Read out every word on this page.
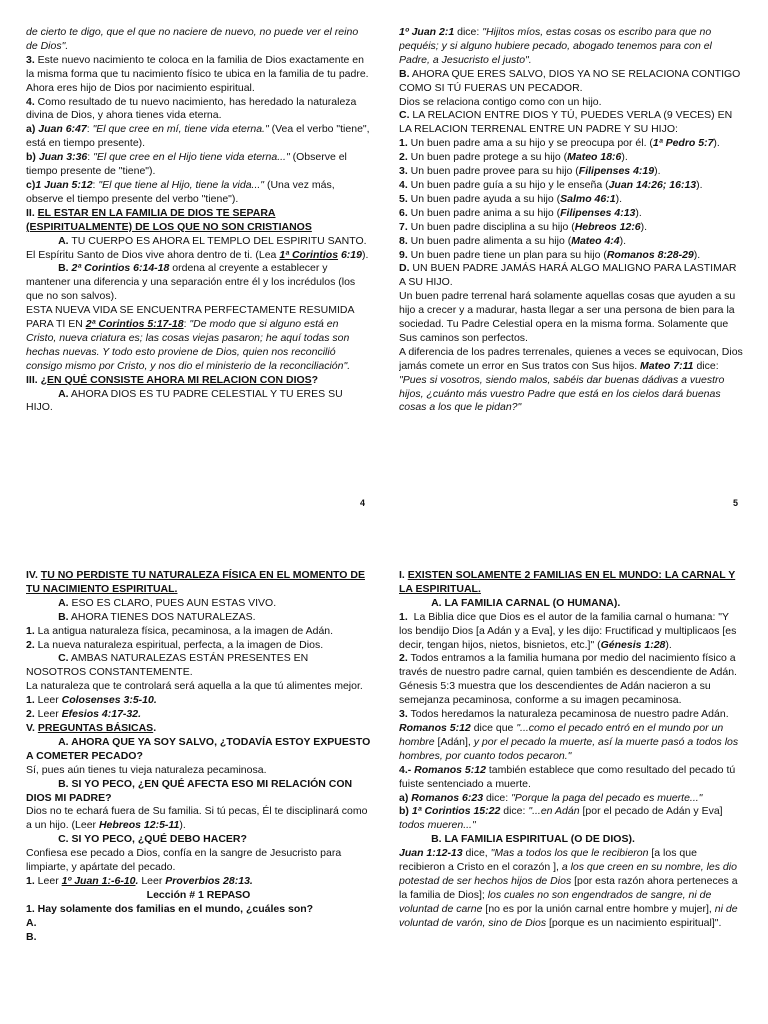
de cierto te digo, que el que no naciere de nuevo, no puede ver el reino de Dios".

3. Este nuevo nacimiento te coloca en la familia de Dios exactamente en la misma forma que tu nacimiento físico te ubica en la familia de tu padre. Ahora eres hijo de Dios por nacimiento espiritual.

4. Como resultado de tu nuevo nacimiento, has heredado la naturaleza divina de Dios, y ahora tienes vida eterna.

a) Juan 6:47: "El que cree en mí, tiene vida eterna." (Vea el verbo "tiene", está en tiempo presente).

b) Juan 3:36: "El que cree en el Hijo tiene vida eterna..." (Observe el tiempo presente de "tiene").

c)1 Juan 5:12: "El que tiene al Hijo, tiene la vida..." (Una vez más, observe el tiempo presente del verbo "tiene").

II. EL ESTAR EN LA FAMILIA DE DIOS TE SEPARA (ESPIRITUALMENTE) DE LOS QUE NO SON CRISTIANOS

A. TU CUERPO ES AHORA EL TEMPLO DEL ESPIRITU SANTO. El Espíritu Santo de Dios vive ahora dentro de ti. (Lea 1ª Corintios 6:19).

B. 2ª Corintios 6:14-18 ordena al creyente a establecer y mantener una diferencia y una separación entre él y los incrédulos (los que no son salvos).

ESTA NUEVA VIDA SE ENCUENTRA PERFECTAMENTE RESUMIDA PARA TI EN 2ª Corintios 5:17-18: "De modo que si alguno está en Cristo, nueva criatura es; las cosas viejas pasaron; he aquí todas son hechas nuevas. Y todo esto proviene de Dios, quien nos reconcilió consigo mismo por Cristo, y nos dio el ministerio de la reconciliación".

III. ¿EN QUÉ CONSISTE AHORA MI RELACION CON DIOS?

A. AHORA DIOS ES TU PADRE CELESTIAL Y TU ERES SU HIJO.

4

1º Juan 2:1 dice: "Hijitos míos, estas cosas os escribo para que no pequéis; y si alguno hubiere pecado, abogado tenemos para con el Padre, a Jesucristo el justo".

B. AHORA QUE ERES SALVO, DIOS YA NO SE RELACIONA CONTIGO COMO SI TÚ FUERAS UN PECADOR.

Dios se relaciona contigo como con un hijo.

C. LA RELACION ENTRE DIOS Y TÚ, PUEDES VERLA (9 VECES) EN LA RELACION TERRENAL ENTRE UN PADRE Y SU HIJO:

1. Un buen padre ama a su hijo y se preocupa por él. (1ª Pedro 5:7).

2. Un buen padre protege a su hijo (Mateo 18:6).

3. Un buen padre provee para su hijo (Filipenses 4:19).

4. Un buen padre guía a su hijo y le enseña (Juan 14:26; 16:13).

5. Un buen padre ayuda a su hijo (Salmo 46:1).

6. Un buen padre anima a su hijo (Filipenses 4:13).

7. Un buen padre disciplina a su hijo (Hebreos 12:6).

8. Un buen padre alimenta a su hijo (Mateo 4:4).

9. Un buen padre tiene un plan para su hijo (Romanos 8:28-29).

D. UN BUEN PADRE JAMÁS HARÁ ALGO MALIGNO PARA LASTIMAR A SU HIJO.

Un buen padre terrenal hará solamente aquellas cosas que ayuden a su hijo a crecer y a madurar, hasta llegar a ser una persona de bien para la sociedad. Tu Padre Celestial opera en la misma forma. Solamente que Sus caminos son perfectos.

A diferencia de los padres terrenales, quienes a veces se equivocan, Dios jamás comete un error en Sus tratos con Sus hijos. Mateo 7:11 dice:

"Pues si vosotros, siendo malos, sabéis dar buenas dádivas a vuestro hijos, ¿cuánto más vuestro Padre que está en los cielos dará buenas cosas a los que le pidan?"

5

IV. TU NO PERDISTE TU NATURALEZA FÍSICA EN EL MOMENTO DE TU NACIMIENTO ESPIRITUAL.

A. ESO ES CLARO, PUES AUN ESTAS VIVO.

B. AHORA TIENES DOS NATURALEZAS.

1. La antigua naturaleza física, pecaminosa, a la imagen de Adán.

2. La nueva naturaleza espiritual, perfecta, a la imagen de Dios.

C. AMBAS NATURALEZAS ESTÁN PRESENTES EN NOSOTROS CONSTANTEMENTE.

La naturaleza que te controlará será aquella a la que tú alimentes mejor.

1. Leer Colosenses 3:5-10.

2. Leer Efesios 4:17-32.

V. PREGUNTAS BÁSICAS.

A. AHORA QUE YA SOY SALVO, ¿TODAVÍA ESTOY EXPUESTO A COMETER PECADO?

Sí, pues aún tienes tu vieja naturaleza pecaminosa.

B. SI YO PECO, ¿EN QUÉ AFECTA ESO MI RELACIÓN CON DIOS MI PADRE?

Dios no te echará fuera de Su familia. Si tú pecas, Él te disciplinará como a un hijo. (Leer Hebreos 12:5-11).

C. SI YO PECO, ¿QUÉ DEBO HACER?

Confiesa ese pecado a Dios, confía en la sangre de Jesucristo para limpiarte, y apártate del pecado.

1. Leer 1º Juan 1:-6-10. Leer Proverbios 28:13.

Lección # 1 REPASO

1. Hay solamente dos familias en el mundo, ¿cuáles son?

A.

B.

I. EXISTEN SOLAMENTE 2 FAMILIAS EN EL MUNDO: LA CARNAL Y LA ESPIRITUAL.

A. LA FAMILIA CARNAL (O HUMANA).

1.  La Biblia dice que Dios es el autor de la familia carnal o humana: "Y los bendijo Dios [a Adán y a Eva], y les dijo: Fructificad y multiplicaos [es decir, tengan hijos, nietos, bisnietos, etc.]" (Génesis 1:28).

2. Todos entramos a la familia humana por medio del nacimiento físico a través de nuestro padre carnal, quien también es descendiente de Adán.

Génesis 5:3 muestra que los descendientes de Adán nacieron a su semejanza pecaminosa, conforme a su imagen pecaminosa.

3. Todos heredamos la naturaleza pecaminosa de nuestro padre Adán. Romanos 5:12 dice que "...como el pecado entró en el mundo por un hombre [Adán], y por el pecado la muerte, así la muerte pasó a todos los hombres, por cuanto todos pecaron."

4.- Romanos 5:12 también establece que como resultado del pecado tú fuiste sentenciado a muerte.

a) Romanos 6:23 dice: "Porque la paga del pecado es muerte..."

b) 1ª Corintios 15:22 dice: "...en Adán [por el pecado de Adán y Eva] todos mueren..."

B. LA FAMILIA ESPIRITUAL (O DE DIOS).

Juan 1:12-13 dice, "Mas a todos los que le recibieron [a los que recibieron a Cristo en el corazón ], a los que creen en su nombre, les dio potestad de ser hechos hijos de Dios [por esta razón ahora perteneces a la familia de Dios]; los cuales no son engendrados de sangre, ni de voluntad de carne [no es por la unión carnal entre hombre y mujer], ni de voluntad de varón, sino de Dios [porque es un nacimiento espiritual]".
